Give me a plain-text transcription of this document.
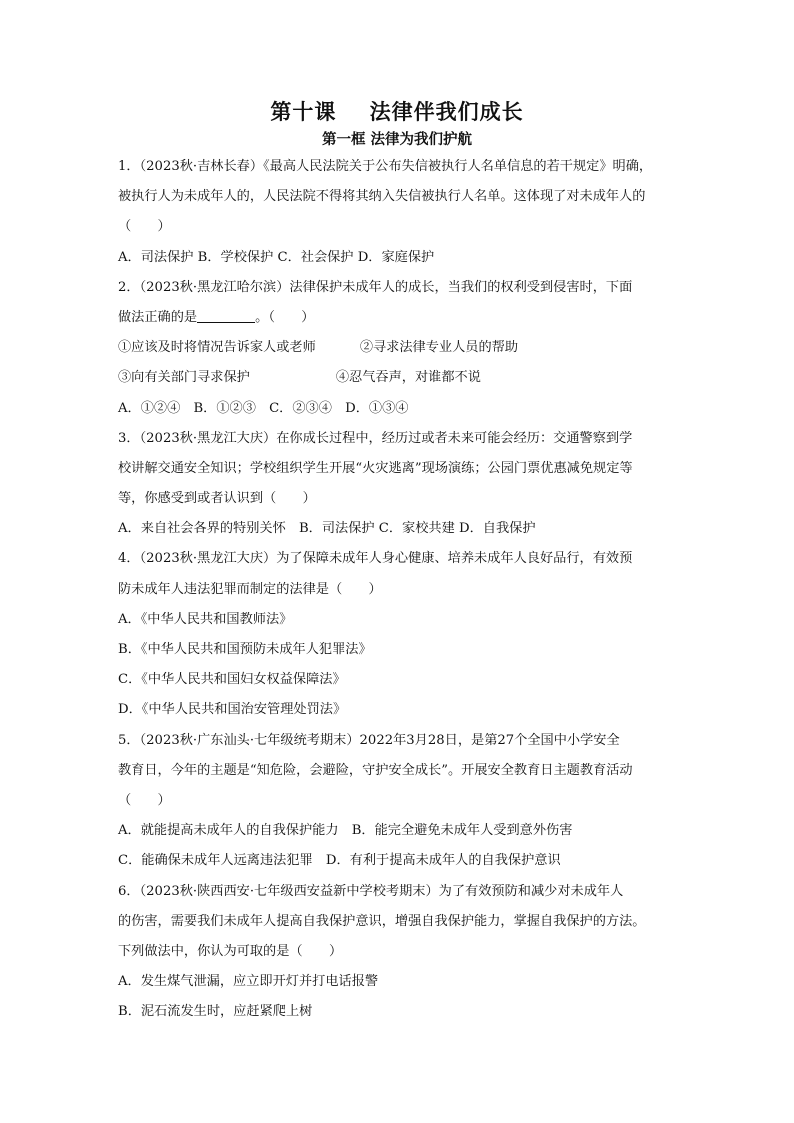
第十课    法律伴我们成长
第一框 法律为我们护航
1．（2023秋·吉林长春）《最高人民法院关于公布失信被执行人名单信息的若干规定》明确，
被执行人为未成年人的，人民法院不得将其纳入失信被执行人名单。这体现了对未成年人的
（　　）
A．司法保护 B．学校保护 C．社会保护 D．家庭保护
2．（2023秋·黑龙江哈尔滨）法律保护未成年人的成长，当我们的权利受到侵害时，下面
做法正确的是	。（　　）
①应该及时将情况告诉家人或老师	②寻求法律专业人员的帮助
③向有关部门寻求保护	④忍气吞声，对谁都不说
A．①②④　B．①②③　C．②③④　D．①③④
3．（2023秋·黑龙江大庆）在你成长过程中，经历过或者未来可能会经历：交通警察到学
校讲解交通安全知识；学校组织学生开展“火灾逃离”现场演练；公园门票优惠减免规定等
等，你感受到或者认识到（　　）
A．来自社会各界的特别关怀　B．司法保护 C．家校共建 D．自我保护
4．（2023秋·黑龙江大庆）为了保障未成年人身心健康、培养未成年人良好品行，有效预
防未成年人违法犯罪而制定的法律是（　　）
A．《中华人民共和国教师法》
B．《中华人民共和国预防未成年人犯罪法》
C．《中华人民共和国妇女权益保障法》
D．《中华人民共和国治安管理处罚法》
5．（2023秋·广东汕头·七年级统考期末）2022年3月28日，是第27个全国中小学安全
教育日，今年的主题是“知危险，会避险，守护安全成长”。开展安全教育日主题教育活动
（　　）
A．就能提高未成年人的自我保护能力　B．能完全避免未成年人受到意外伤害
C．能确保未成年人远离违法犯罪　D．有利于提高未成年人的自我保护意识
6．（2023秋·陕西西安·七年级西安益新中学校考期末）为了有效预防和减少对未成年人
的伤害，需要我们未成年人提高自我保护意识，增强自我保护能力，掌握自我保护的方法。
下列做法中，你认为可取的是（　　）
A．发生煤气泄漏，应立即开灯并打电话报警
B．泥石流发生时，应赶紧爬上树
